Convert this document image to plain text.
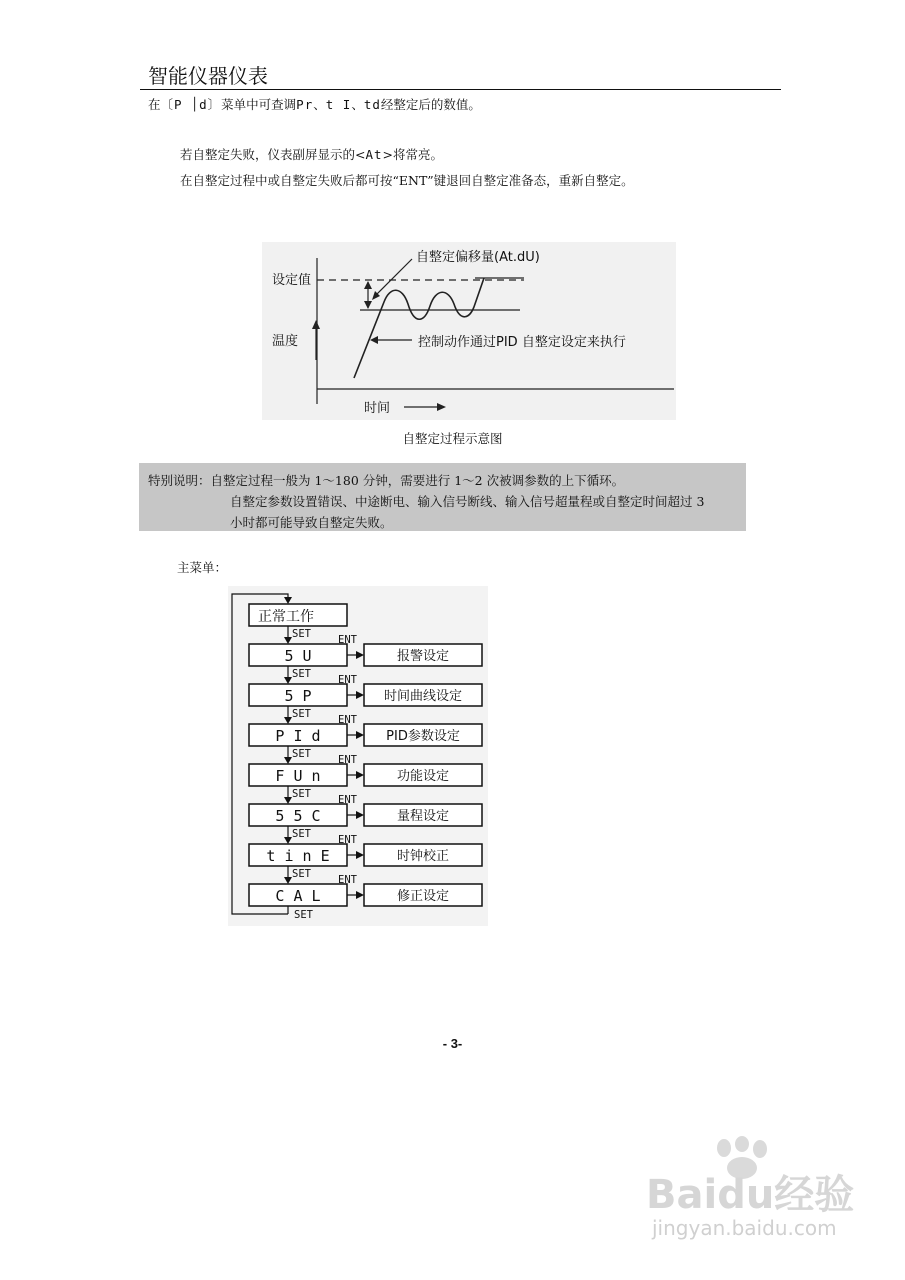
智能仪器仪表
在〔P ׀d〕菜单中可查调Pr、t I、td经整定后的数值。
若自整定失败，仪表副屏显示的<At>将常亮。
在自整定过程中或自整定失败后都可按“ENT”键退回自整定准备态，重新自整定。
自整定偏移量(At.dU)
设定值
温度	控制动作通过PID 自整定设定来执行
时间
自整定过程示意图
特别说明：自整定过程一般为 1～180 分钟，需要进行 1～2 次被调参数的上下循环。
自整定参数设置错误、中途断电、输入信号断线、输入信号超量程或自整定时间超过 3
小时都可能导致自整定失败。
主菜单：
正常工作
SET
5 U
ENT
报警设定
SET
5 P
ENT
时间曲线设定
SET
P I d
ENT
PID参数设定
SET
F U n
ENT
功能设定
SET
5 5 C
ENT
量程设定
SET
t i n E
ENT
时钟校正
SET
C A L
ENT
修正设定
SET
- 3-
Baidu经验
jingyan.baidu.com
